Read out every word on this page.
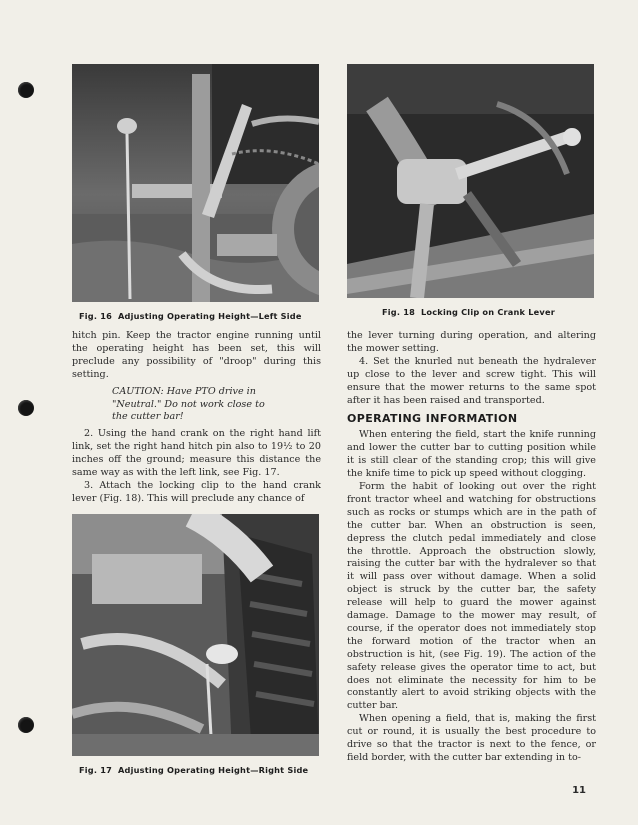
Fig. 16 Adjusting Operating Height—Left Side	Fig. 18 Locking Clip on Crank Lever

hitch pin. Keep the tractor engine running until the operating height has been set, this will preclude any possibility of "droop" during this setting.

CAUTION: Have PTO drive in "Neutral." Do not work close to the cutter bar!

2. Using the hand crank on the right hand lift link, set the right hand hitch pin also to 19½ to 20 inches off the ground; measure this distance the same way as with the left link, see Fig. 17.

3. Attach the locking clip to the hand crank lever (Fig. 18). This will preclude any chance of

Fig. 17 Adjusting Operating Height—Right Side

the lever turning during operation, and altering the mower setting.

4. Set the knurled nut beneath the hydralever up close to the lever and screw tight. This will ensure that the mower returns to the same spot after it has been raised and transported.

OPERATING INFORMATION

When entering the field, start the knife running and lower the cutter bar to cutting position while it is still clear of the standing crop; this will give the knife time to pick up speed without clogging.

Form the habit of looking out over the right front tractor wheel and watching for obstructions such as rocks or stumps which are in the path of the cutter bar. When an obstruction is seen, depress the clutch pedal immediately and close the throttle. Approach the obstruction slowly, raising the cutter bar with the hydralever so that it will pass over without damage. When a solid object is struck by the cutter bar, the safety release will help to guard the mower against damage. Damage to the mower may result, of course, if the operator does not immediately stop the forward motion of the tractor when an obstruction is hit, (see Fig. 19). The action of the safety release gives the operator time to act, but does not eliminate the necessity for him to be constantly alert to avoid striking objects with the cutter bar.

When opening a field, that is, making the first cut or round, it is usually the best procedure to drive so that the tractor is next to the fence, or field border, with the cutter bar extending in to-

11
